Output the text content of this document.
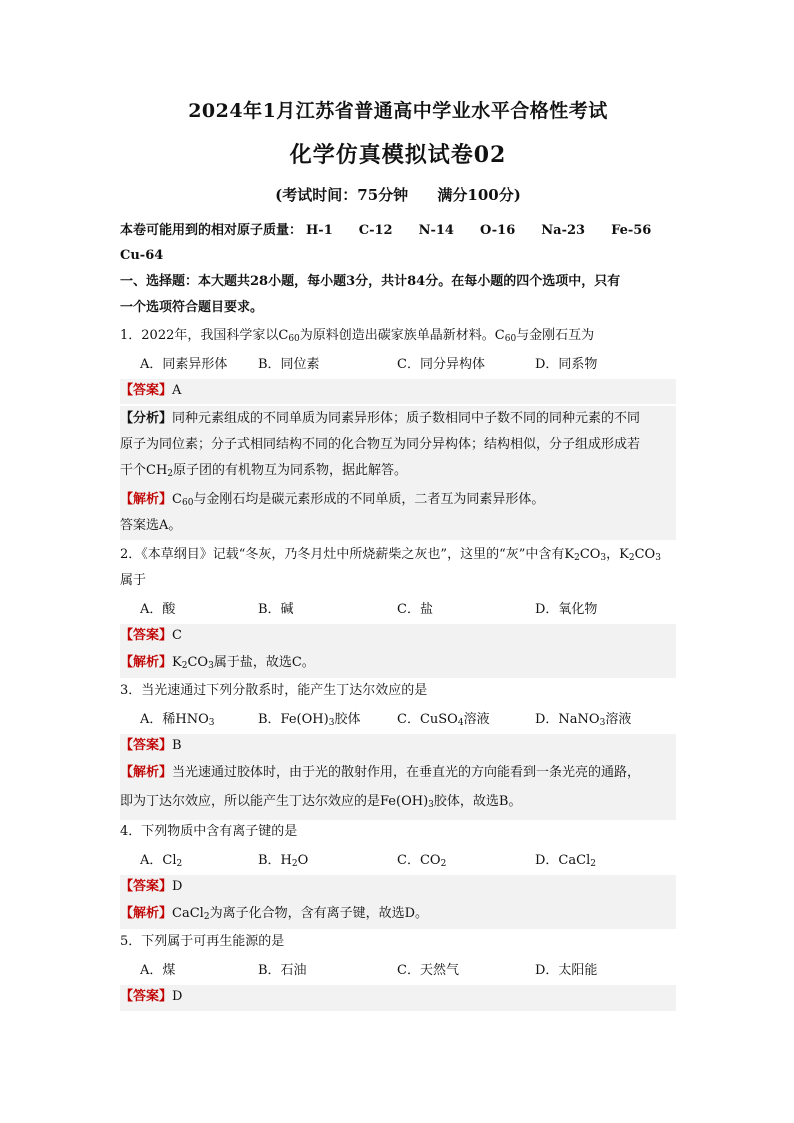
2024年1月江苏省普通高中学业水平合格性考试
化学仿真模拟试卷02
(考试时间：75分钟 满分100分)
本卷可能用到的相对原子质量： H-1 C-12 N-14 O-16 Na-23 Fe-56
Cu-64
一、选择题：本大题共28小题，每小题3分，共计84分。在每小题的四个选项中，只有
一个选项符合题目要求。
1．2022年，我国科学家以$C_{60}$为原料创造出碳家族单晶新材料。$C_{60}$与金刚石互为
A．同素异形体 B．同位素	C．同分异构体	D．同系物
【答案】A
【分析】同种元素组成的不同单质为同素异形体；质子数相同中子数不同的同种元素的不同
原子为同位素；分子式相同结构不同的化合物互为同分异构体；结构相似，分子组成形成若
干个$CH_2$原子团的有机物互为同系物，据此解答。
【解析】$C_{60}$与金刚石均是碳元素形成的不同单质，二者互为同素异形体。
答案选A。
2．《本草纲目》记载“冬灰，乃冬月灶中所烧薪柴之灰也”，这里的“灰”中含有$K_2CO_3$，$K_2CO_3$
属于
A．酸	B．碱	C．盐	D．氧化物
【答案】C
【解析】$K_2CO_3$属于盐，故选C。
3．当光速通过下列分散系时，能产生丁达尔效应的是
A．稀$HNO_3$	B．$Fe(OH)_3$胶体	C．CuSO$_4$溶液	D．NaNO$_3$溶液
【答案】B
【解析】当光速通过胶体时，由于光的散射作用，在垂直光的方向能看到一条光亮的通路，
即为丁达尔效应，所以能产生丁达尔效应的是$Fe(OH)_3$胶体，故选B。
4．下列物质中含有离子键的是
A．$Cl_2$	B．$H_2O$	C．$CO_2$	D．CaCl$_2$
【答案】D
【解析】CaCl$_2$为离子化合物，含有离子键，故选D。
5．下列属于可再生能源的是
A．煤	B．石油	C．天然气	D．太阳能
【答案】D
